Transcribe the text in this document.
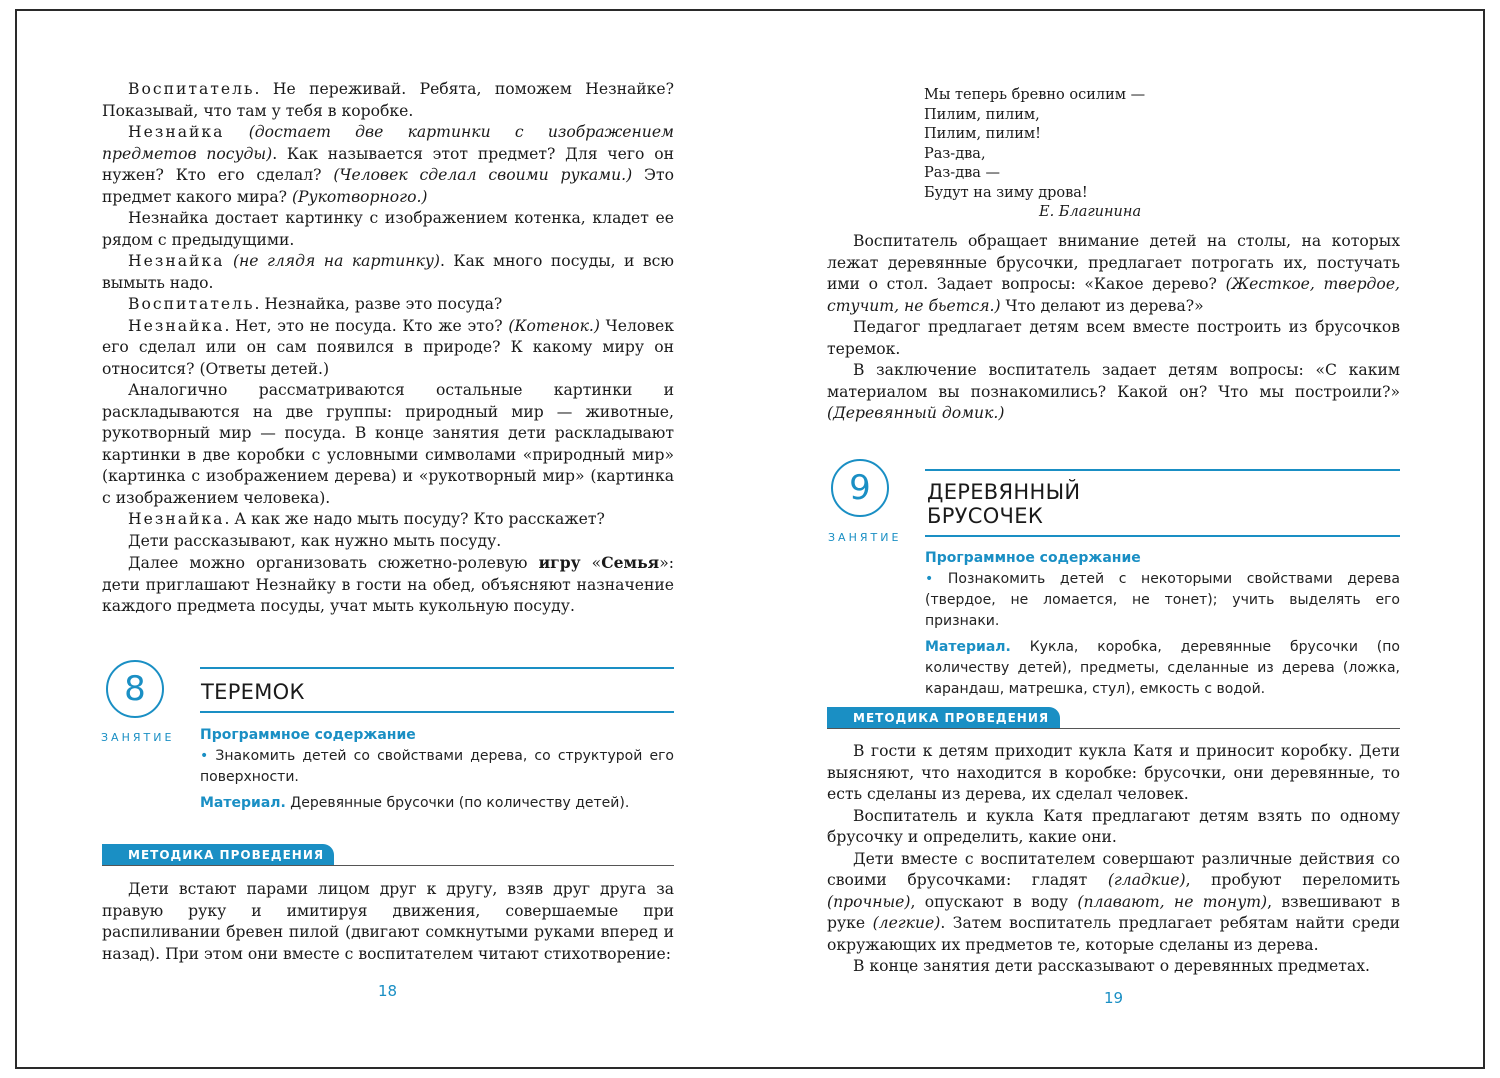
Воспитатель. Не переживай. Ребята, поможем Незнайке? Показывай, что там у тебя в коробке.

Незнайка (достает две картинки с изображением предметов посуды). Как называется этот предмет? Для чего он нужен? Кто его сделал? (Человек сделал своими руками.) Это предмет какого мира? (Рукотворного.)

Незнайка достает картинку с изображением котенка, кладет ее рядом с предыдущими.

Незнайка (не глядя на картинку). Как много посуды, и всю вымыть надо.

Воспитатель. Незнайка, разве это посуда?

Незнайка. Нет, это не посуда. Кто же это? (Котенок.) Человек его сделал или он сам появился в природе? К какому миру он относится? (Ответы детей.)

Аналогично рассматриваются остальные картинки и раскладываются на две группы: природный мир — животные, рукотворный мир — посуда. В конце занятия дети раскладывают картинки в две коробки с условными символами «природный мир» (картинка с изображением дерева) и «рукотворный мир» (картинка с изображением человека).

Незнайка. А как же надо мыть посуду? Кто расскажет?

Дети рассказывают, как нужно мыть посуду.

Далее можно организовать сюжетно-ролевую игру «Семья»: дети приглашают Незнайку в гости на обед, объясняют назначение каждого предмета посуды, учат мыть кукольную посуду.

8
ЗАНЯТИЕ
ТЕРЕМОК
Программное содержание
• Знакомить детей со свойствами дерева, со структурой его поверхности.
Материал. Деревянные брусочки (по количеству детей).
МЕТОДИКА ПРОВЕДЕНИЯ

Дети встают парами лицом друг к другу, взяв друг друга за правую руку и имитируя движения, совершаемые при распиливании бревен пилой (двигают сомкнутыми руками вперед и назад). При этом они вместе с воспитателем читают стихотворение:

18
Мы теперь бревно осилим —
Пилим, пилим,
Пилим, пилим!
Раз-два,
Раз-два —
Будут на зиму дрова!
Е. Благинина

Воспитатель обращает внимание детей на столы, на которых лежат деревянные брусочки, предлагает потрогать их, постучать ими о стол. Задает вопросы: «Какое дерево? (Жесткое, твердое, стучит, не бьется.) Что делают из дерева?»

Педагог предлагает детям всем вместе построить из брусочков теремок.

В заключение воспитатель задает детям вопросы: «С каким материалом вы познакомились? Какой он? Что мы построили?» (Деревянный домик.)

9
ЗАНЯТИЕ
ДЕРЕВЯННЫЙ
БРУСОЧЕК
Программное содержание
• Познакомить детей с некоторыми свойствами дерева (твердое, не ломается, не тонет); учить выделять его признаки.
Материал. Кукла, коробка, деревянные брусочки (по количеству детей), предметы, сделанные из дерева (ложка, карандаш, матрешка, стул), емкость с водой.
МЕТОДИКА ПРОВЕДЕНИЯ

В гости к детям приходит кукла Катя и приносит коробку. Дети выясняют, что находится в коробке: брусочки, они деревянные, то есть сделаны из дерева, их сделал человек.

Воспитатель и кукла Катя предлагают детям взять по одному брусочку и определить, какие они.

Дети вместе с воспитателем совершают различные действия со своими брусочками: гладят (гладкие), пробуют переломить (прочные), опускают в воду (плавают, не тонут), взвешивают в руке (легкие). Затем воспитатель предлагает ребятам найти среди окружающих их предметов те, которые сделаны из дерева.

В конце занятия дети рассказывают о деревянных предметах.

19
